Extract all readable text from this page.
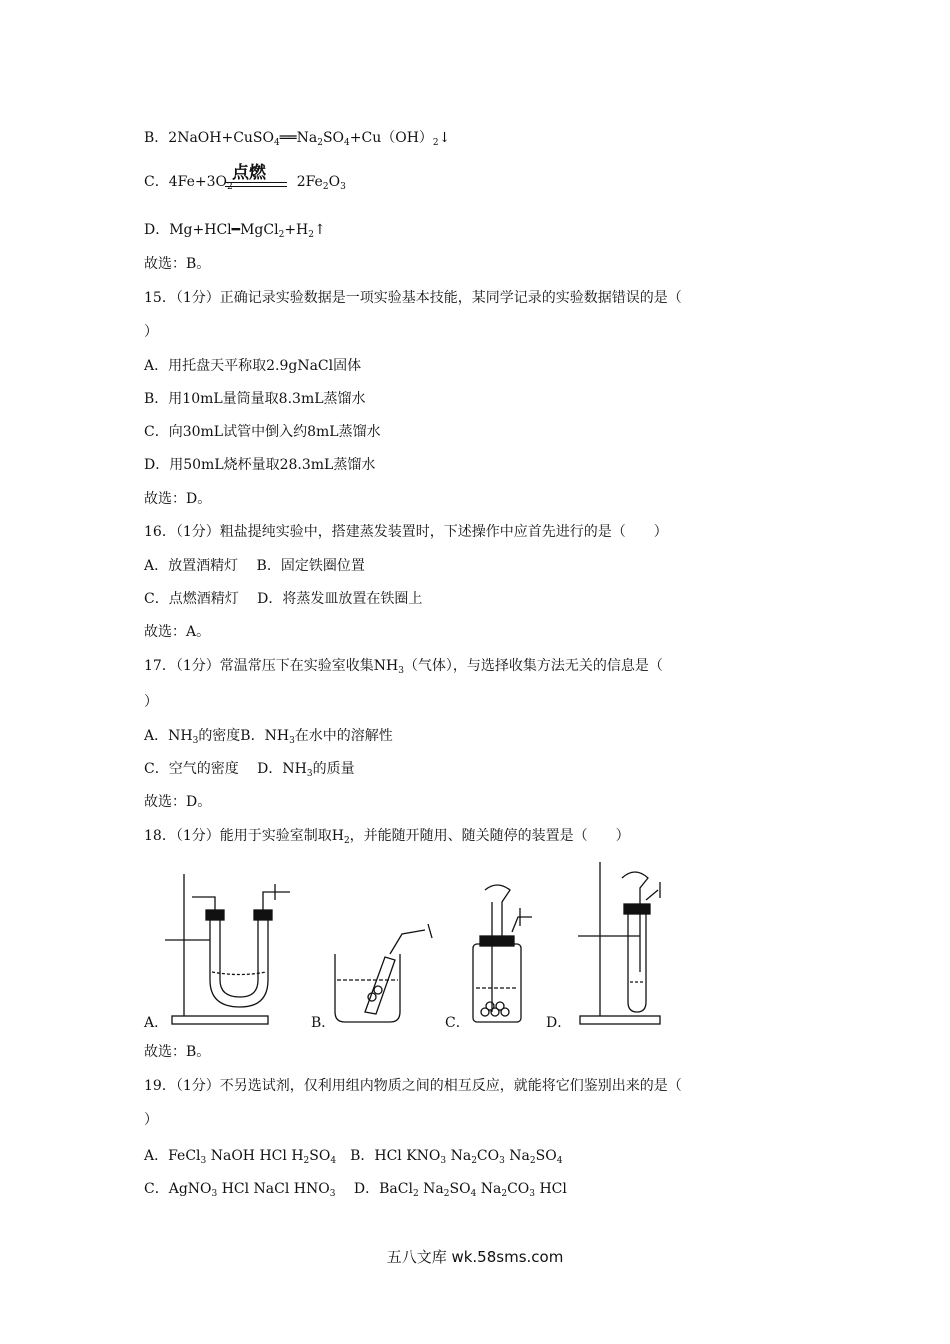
B．$2NaOH+CuSO_4══Na_2SO_4+Cu(OH)_2↓$
点燃
C．$4Fe+3O_2$	$2Fe_2O_3$
D．$Mg+HCl━MgCl_2+H_2↑$
故选：B。
15．（1分）正确记录实验数据是一项实验基本技能，某同学记录的实验数据错误的是（
）
A．用托盘天平称取2.9gNaCl固体
B．用10mL量筒量取8.3mL蒸馏水
C．向30mL试管中倒入约8mL蒸馏水
D．用50mL烧杯量取28.3mL蒸馏水
故选：D。
16．（1分）粗盐提纯实验中，搭建蒸发装置时，下述操作中应首先进行的是（　　）
A．放置酒精灯　 B．固定铁圈位置
C．点燃酒精灯　 D．将蒸发皿放置在铁圈上
故选：A。
17．（1分）常温常压下在实验室收集$NH_3$（气体），与选择收集方法无关的信息是（
）
A．$NH_3$的密度B．$NH_3$在水中的溶解性
C．空气的密度　 D．$NH_3$的质量
故选：D。
18．（1分）能用于实验室制取$H_2$，并能随开随用、随关随停的装置是（　　）
A．	B．	C．	D．
故选：B。
19．（1分）不另选试剂，仅利用组内物质之间的相互反应，就能将它们鉴别出来的是（
）
A．FeCl$_3$ NaOH HCl $H_2SO_4$　B．HCl $KNO_3$ $Na_2CO_3$ $Na_2SO_4$
C．AgNO$_3$ HCl NaCl $HNO_3$　 D．BaCl$_2$ $Na_2SO_4$ $Na_2CO_3$ HCl
五八文库 wk.58sms.com
